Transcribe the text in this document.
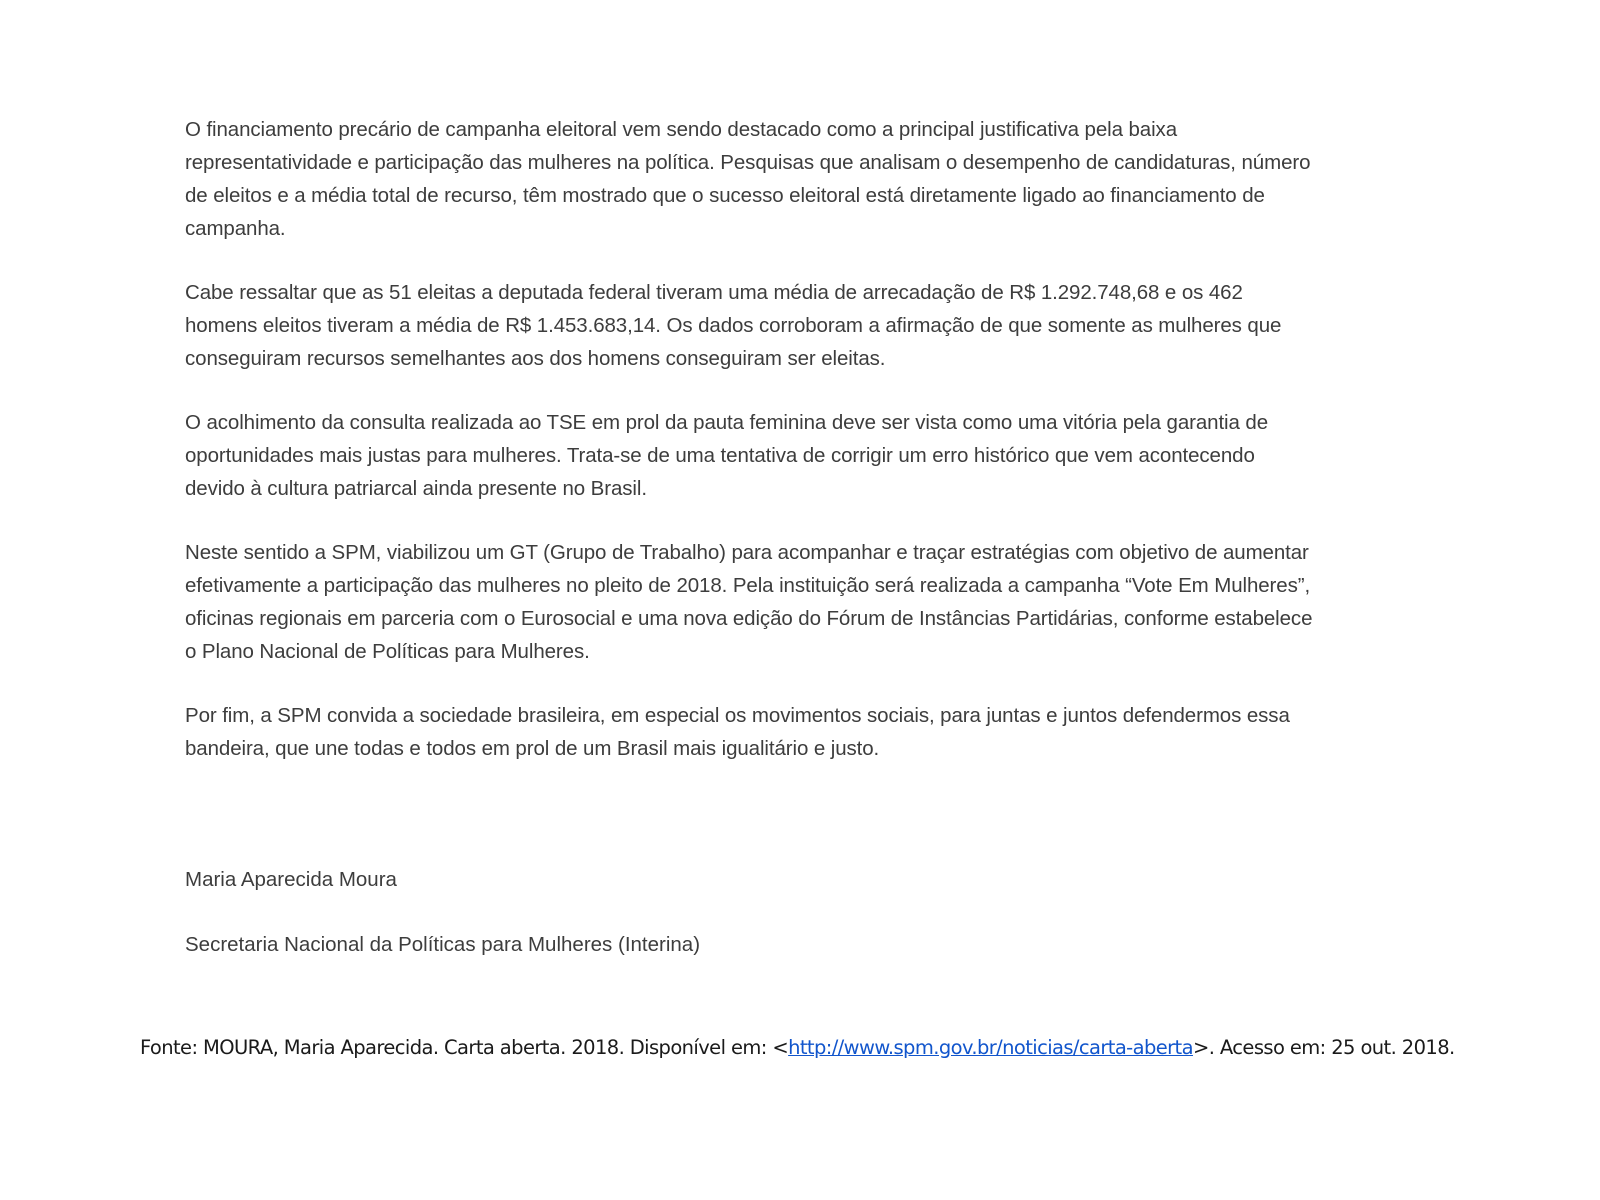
O financiamento precário de campanha eleitoral vem sendo destacado como a principal justificativa pela baixa
representatividade e participação das mulheres na política. Pesquisas que analisam o desempenho de candidaturas, número
de eleitos e a média total de recurso, têm mostrado que o sucesso eleitoral está diretamente ligado ao financiamento de
campanha.

Cabe ressaltar que as 51 eleitas a deputada federal tiveram uma média de arrecadação de R$ 1.292.748,68 e os 462
homens eleitos tiveram a média de R$ 1.453.683,14. Os dados corroboram a afirmação de que somente as mulheres que
conseguiram recursos semelhantes aos dos homens conseguiram ser eleitas.

O acolhimento da consulta realizada ao TSE em prol da pauta feminina deve ser vista como uma vitória pela garantia de
oportunidades mais justas para mulheres. Trata-se de uma tentativa de corrigir um erro histórico que vem acontecendo
devido à cultura patriarcal ainda presente no Brasil.

Neste sentido a SPM, viabilizou um GT (Grupo de Trabalho) para acompanhar e traçar estratégias com objetivo de aumentar
efetivamente a participação das mulheres no pleito de 2018. Pela instituição será realizada a campanha “Vote Em Mulheres”,
oficinas regionais em parceria com o Eurosocial e uma nova edição do Fórum de Instâncias Partidárias, conforme estabelece
o Plano Nacional de Políticas para Mulheres.

Por fim, a SPM convida a sociedade brasileira, em especial os movimentos sociais, para juntas e juntos defendermos essa
bandeira, que une todas e todos em prol de um Brasil mais igualitário e justo.

Maria Aparecida Moura
Secretaria Nacional da Políticas para Mulheres (Interina)
Fonte: MOURA, Maria Aparecida. Carta aberta. 2018. Disponível em: <http://www.spm.gov.br/noticias/carta-aberta>. Acesso em: 25 out. 2018.
